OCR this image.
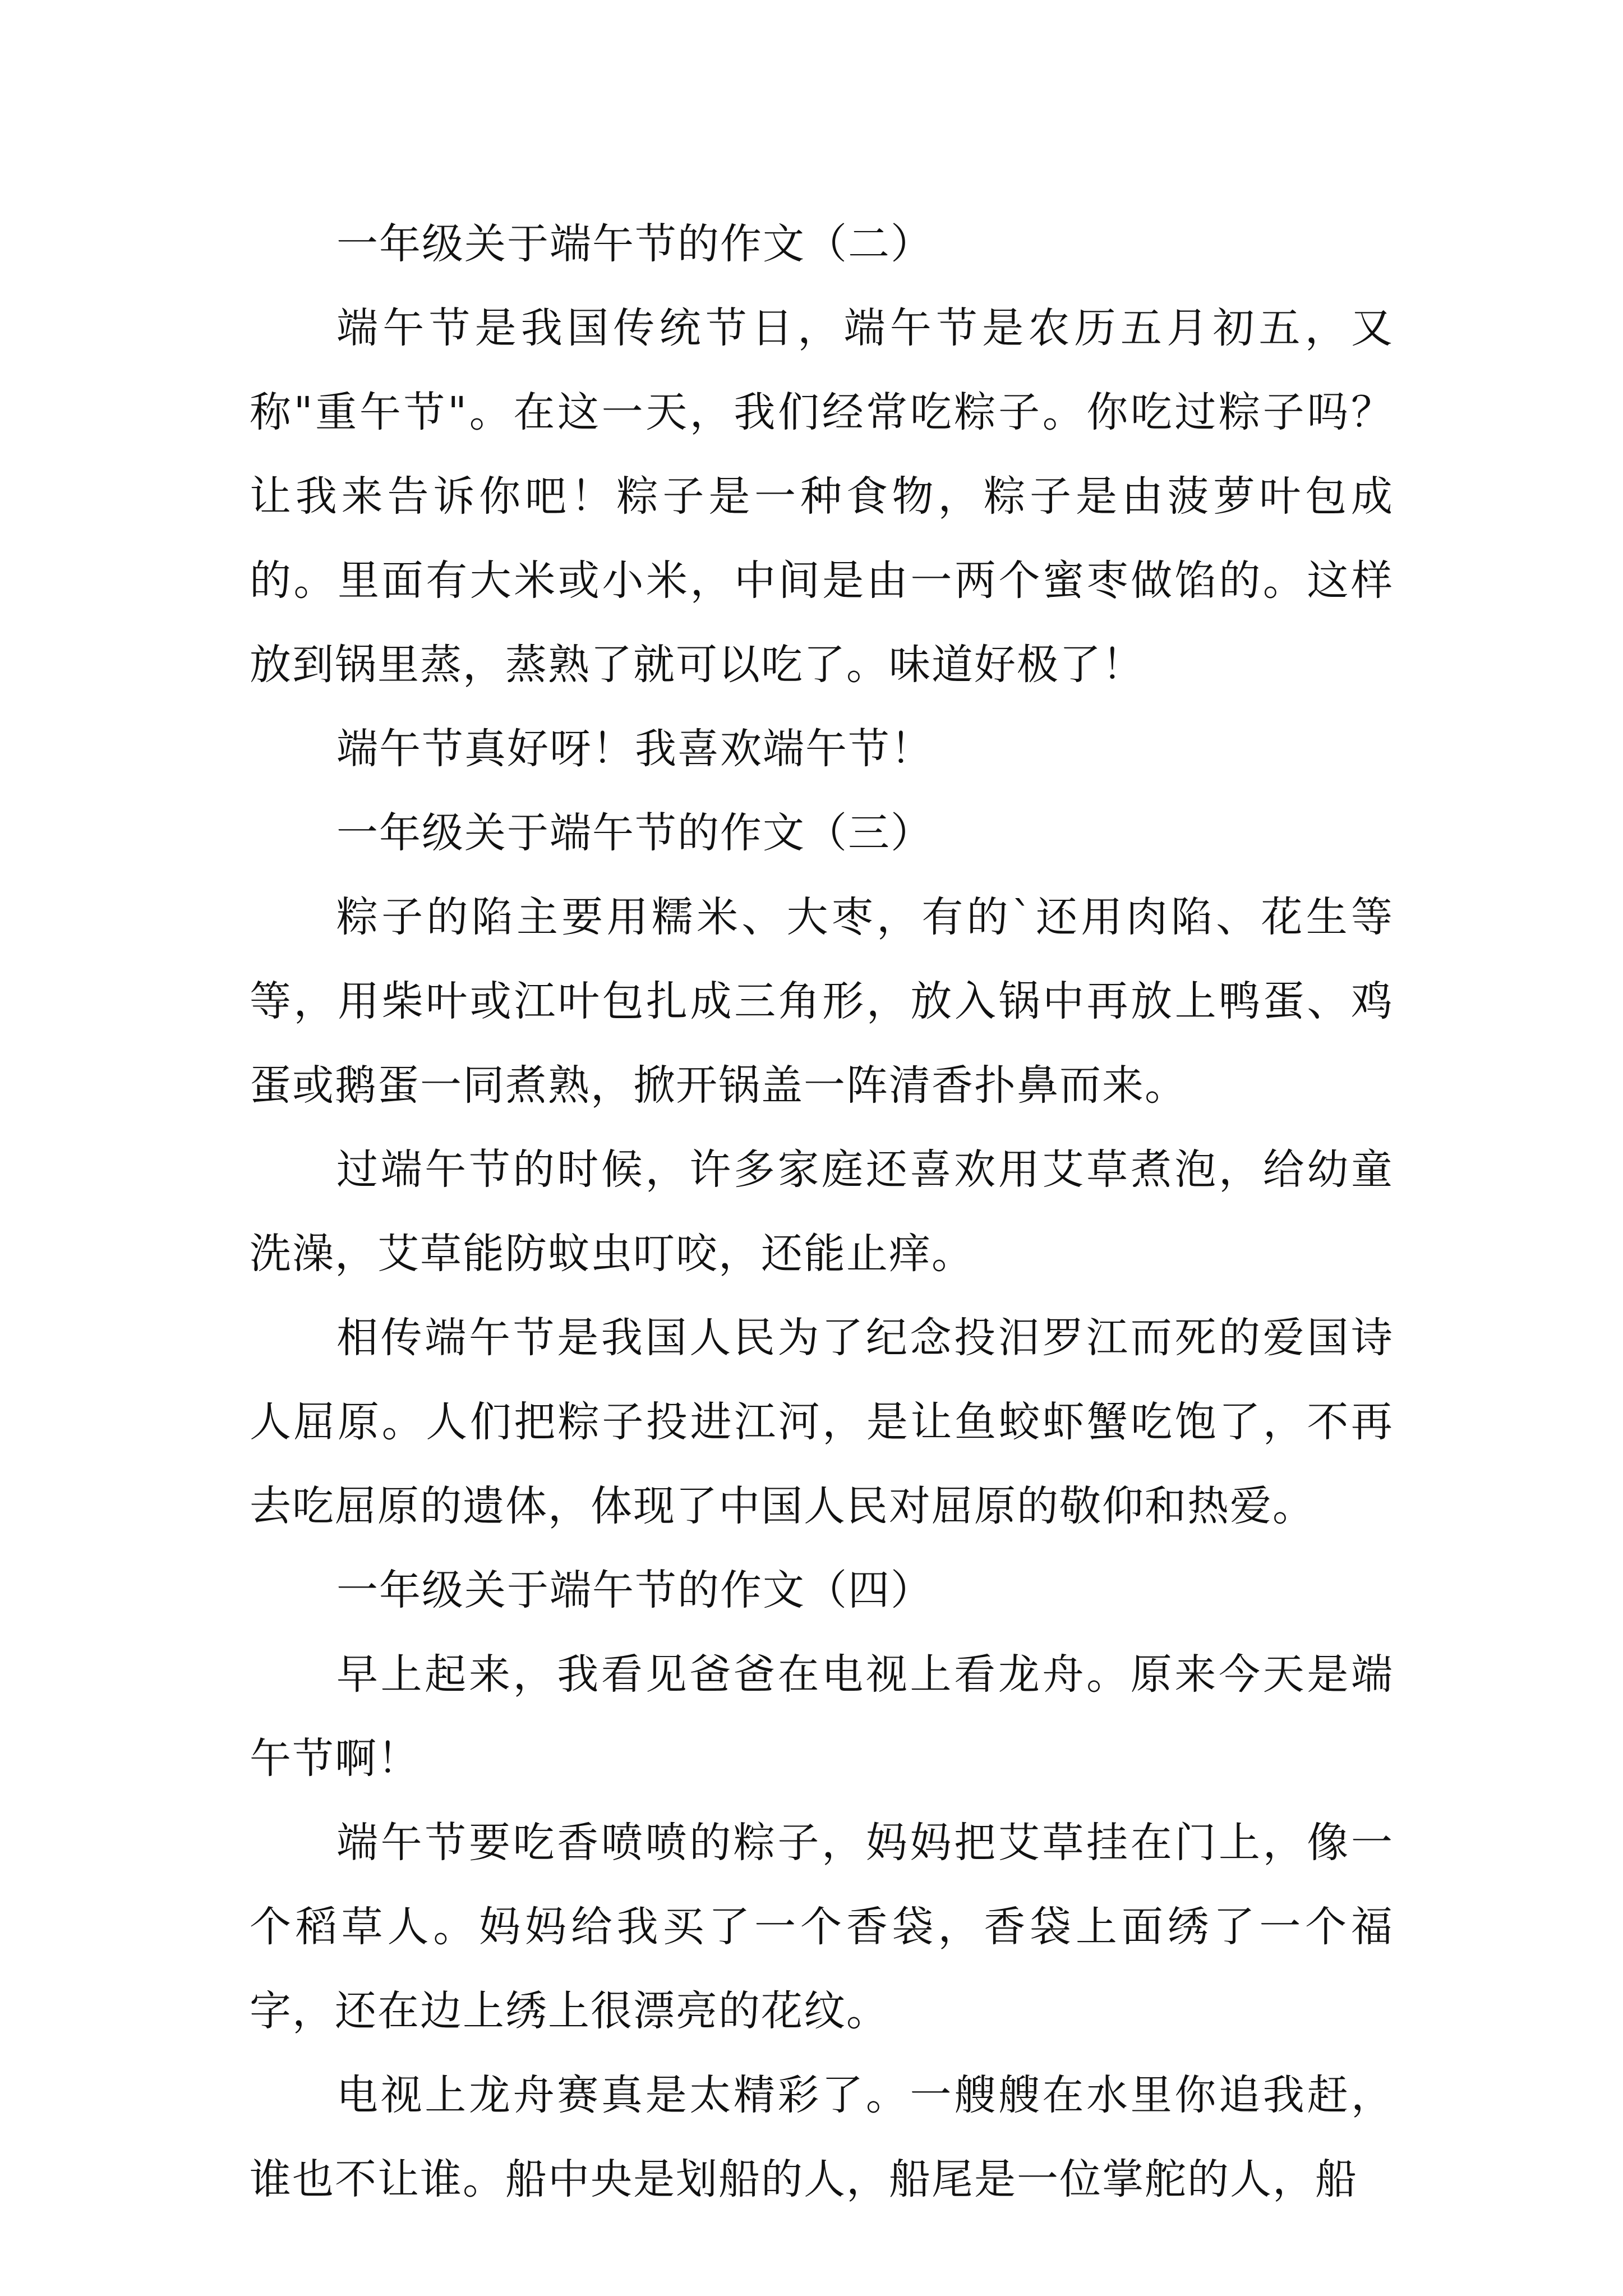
一年级关于端午节的作文（二）

端午节是我国传统节日，端午节是农历五月初五，又称"重午节"。在这一天，我们经常吃粽子。你吃过粽子吗？让我来告诉你吧！粽子是一种食物，粽子是由菠萝叶包成的。里面有大米或小米，中间是由一两个蜜枣做馅的。这样放到锅里蒸，蒸熟了就可以吃了。味道好极了！

端午节真好呀！我喜欢端午节！

一年级关于端午节的作文（三）

粽子的陷主要用糯米、大枣，有的`还用肉陷、花生等等，用柴叶或江叶包扎成三角形，放入锅中再放上鸭蛋、鸡蛋或鹅蛋一同煮熟，掀开锅盖一阵清香扑鼻而来。

过端午节的时候，许多家庭还喜欢用艾草煮泡，给幼童洗澡，艾草能防蚊虫叮咬，还能止痒。

相传端午节是我国人民为了纪念投汨罗江而死的爱国诗人屈原。人们把粽子投进江河，是让鱼蛟虾蟹吃饱了，不再去吃屈原的遗体，体现了中国人民对屈原的敬仰和热爱。

一年级关于端午节的作文（四）

早上起来，我看见爸爸在电视上看龙舟。原来今天是端午节啊！

端午节要吃香喷喷的粽子，妈妈把艾草挂在门上，像一个稻草人。妈妈给我买了一个香袋，香袋上面绣了一个福 字，还在边上绣上很漂亮的花纹。

电视上龙舟赛真是太精彩了。一艘艘在水里你追我赶，谁也不让谁。船中央是划船的人，船尾是一位掌舵的人，船
